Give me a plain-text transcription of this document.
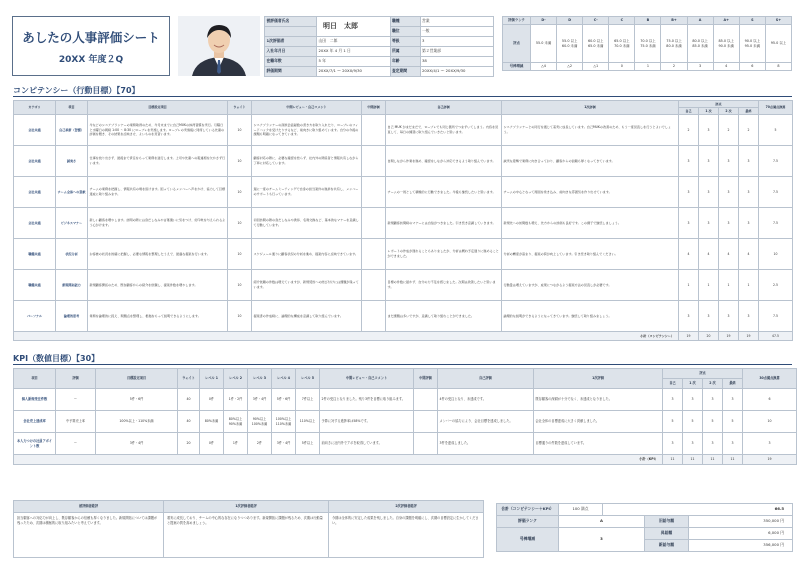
あしたの人事評価シート
20XX 年度２Q
被評価者氏名	明日　太郎	職種	営業
		職位	一般
1次評価者	山田　二郎	等級	3
入社年月日	20XX 年 4 月 1 日	所属	第２営業部
在籍年数	5 年	年齢	38
評価期間	20XX/7/1 ～ 20XX/9/30	査定期間	20XX/4/1 ～ 20XX/9/30
評価ランク	D-	D	C-	C	B	B+	A	A+	S	S+
評点	55.0 未満	55.0 以上 60.0 未満	60.0 以上 65.0 未満	65.0 以上 70.0 未満	70.0 以上 75.0 未満	75.0 以上 80.0 未満	80.0 以上 85.0 未満	85.0 以上 90.0 未満	90.0 以上 95.0 未満	95.0 以上
号棒増減	△4	△2	△1	0	1	2	3	4	6	8
コンピテンシー（行動目標）【70】
カテゴリ	項目	目標設定項目	ウェイト	中間レビュー・自己コメント	中間評価	自己評価	1次評価	評点				70点満点換算
								自己	1 次	2 次	最終	
全社共通	自己革新（習慣）	今などのシニアプランナーの業務取得のため、今月末までに自己MUKの体得習慣を実行。月曜日と水曜日の朝時 1:00 ～ 8:30 にローブレを実施します。ロープレの実施後に同席している先輩の評価を聞き、その結果を反映させ、よいものを見習います。	10	シニアプランナーの商談会話録数の書き方を取り入れたり、ロープレのフィードバックを受けたりするなど、前向きに取り組めています。自分の今後の課題も明確になってきています。		自己 MUK がまだまだで、ロープレでも同じ箇所でつまずいてしまう。内容を見直して、毎日の練習に取り組んでいきたいと思います。	シニアプランナーとの同行を通じて着実に成長しています。自己MUKの改善のため、もう一度見直しを行うとよいでしょう。	2	3	2	2	5
全社共通	誠実さ	仕事を放り出さず、最後まで責任をもって業務を遂行します。上司や先輩への報連相を欠かさず行います。	10	顧客対応の際に、必要な確認を怠らず、社内外の関係者と情報共有しながら丁寧に対応しています。		自問しながら作業を進め、確認をしながら対応できるよう取り組んでいます。	誠実な姿勢で業務に向き合っており、顧客からの信頼も厚くなってきています。	3	3	3	3	7.5
全社共通	チーム全体への貢献	チームの業務を把握し、情報共有の場を設けます。困っているメンバーへ声をかけ、協力して目標達成に取り組みます。	10	週に一度のチームミーティングで自身の担当案件の進捗を共有し、メンバーのサポートも行っています。		チームの一員として積極的に行動できました。今後も継続したいと思います。	チームの中心となって周囲を巻き込み、前向きな雰囲気を作り出せています。	3	3	3	3	7.5
全社共通	ビジネスマナー	新しい顧客を増やします。訪問の際には身だしなみや言葉遣いに気をつけ、好印象を与えられるよう心がけます。	10	初回訪問の際の身だしなみや挨拶、名刺交換など、基本的なマナーを意識して行動しています。		新規顧客訪問時のマナーには自信がつきました。引き続き意識していきます。	新規先への訪問数も増え、先方からの評価も良好です。この調子で継続しましょう。	3	3	3	3	7.5
職種共通	状況分析	お客様の状況を的確に把握し、必要な情報を整理したうえで、最適な提案を行います。	10	スケジュール通りに顧客状況の分析を進め、提案内容に反映できています。		レポートの作成が遅れることもありましたが、分析は概ね予定通りに進めることができました。	分析の精度が高まり、提案の質が向上しています。引き続き取り組んでください。	4	4	4	4	10
職種共通	新規開拓能力	新規顧客開拓のため、既存顧客からの紹介を依頼し、提案件数を増やします。	10	紹介依頼の件数は増えていますが、新規契約への結び付けには課題が残っています。		目標の件数に届かず、自分の力不足を感じました。次期は改善したいと思います。	行動量は増えていますが、成果につながるよう提案方法の見直しが必要です。	1	1	1	1	2.5
パーソナル	論理的思考	業務を論理的に捉え、問題点を整理し、根拠をもって説明できるようにします。	10	提案書の作成時に、論理的な構成を意識して取り組んでいます。		まだ課題は多いですが、意識して取り組むことができました。	論理的な説明ができるようになってきています。継続して取り組みましょう。	3	3	3	3	7.5
小計（コンピテンシー）								19	20	19	19	47.5
KPI（数値目標）【30】
項目	評価	目標設定項目	ウェイト	レベル 1	レベル 2	レベル 3	レベル 4	レベル 5	中間レビュー・自己コメント	中間評価	自己評価	1次評価	評点				30点満点換算
													自己	1 次	2 次	最終	
個人新規受注件数	ー	5件・6件	40	0件	1件・2件	3件・4件	5件・6件	7件以上	2件の受注となりました。残り3件を目標に取り組みます。		4件の受注となり、未達成です。	既存顧客の深耕が十分でなく、未達成となりました。	3	3	3	3	6
会社売上達成率	中予算売上率	100%以上・110%未満	40	80%未満	80%以上 90%未満	90%以上 100%未満	100%以上 110%未満	110%以上	予算に対する進捗率は58%です。		メンバーの協力により、会社目標を達成しました。	会社全体の目標達成に大きく貢献しました。	5	5	5	5	10
本人力つけの社員アポイント数	ー	3件・4件	20	0件	1件	2件	3件・4件	5件以上	前向きに社内外でアポを取得しています。		3件を達成しました。	目標通りの件数を達成しています。	3	3	3	3	3
小計（KPI）													11	11	11	11	19
被評価者総評	1次評価者総評	2次評価者総評
担当顧客への対応力が向上し、既存顧客からの信頼も厚くなりました。新規開拓については課題が残ったため、次期は積極的に取り組みたいと考えています。	着実に成長しており、チームの中心的な存在になりつつあります。新規開拓に課題が残るため、次期は行動量と提案の質を高めましょう。	今期は全体的に安定した成果を残しました。自身の課題を明確にし、次期の目標設定に生かしてください。
合計（コンピテンシー＋KPI）	100 満点	66.5		
評価ランク	A		旧給与額	350,000 円
号棒増減	3		昇給額	6,000 円
			新給与額	356,000 円
